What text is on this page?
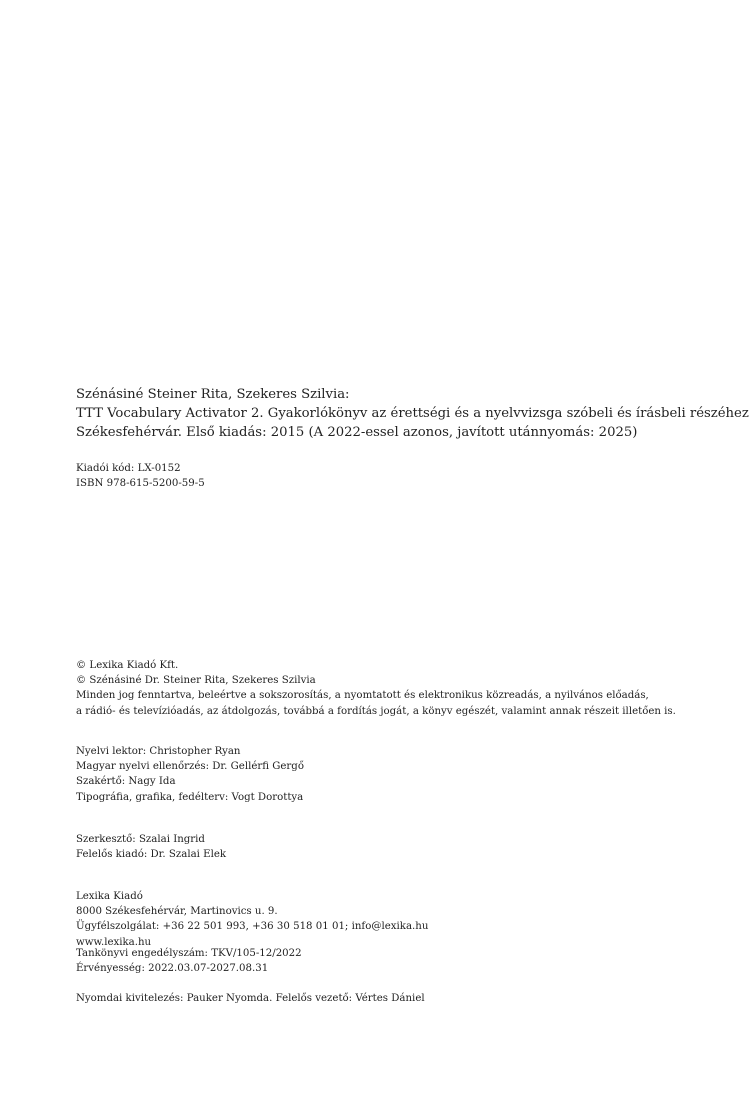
Szénásiné Steiner Rita, Szekeres Szilvia:
TTT Vocabulary Activator 2. Gyakorlókönyv az érettségi és a nyelvvizsga szóbeli és írásbeli részéhez
Székesfehérvár. Első kiadás: 2015 (A 2022-essel azonos, javított utánnyomás: 2025)
Kiadói kód: LX-0152
ISBN 978-615-5200-59-5
© Lexika Kiadó Kft.
© Szénásiné Dr. Steiner Rita, Szekeres Szilvia
Minden jog fenntartva, beleértve a sokszorosítás, a nyomtatott és elektronikus közreadás, a nyilvános előadás,
a rádió- és televízióadás, az átdolgozás, továbbá a fordítás jogát, a könyv egészét, valamint annak részeit illetően is.
Nyelvi lektor: Christopher Ryan
Magyar nyelvi ellenőrzés: Dr. Gellérfi Gergő
Szakértő: Nagy Ida
Tipográfia, grafika, fedélterv: Vogt Dorottya
Szerkesztő: Szalai Ingrid
Felelős kiadó: Dr. Szalai Elek
Lexika Kiadó
8000 Székesfehérvár, Martinovics u. 9.
Ügyfélszolgálat: +36 22 501 993, +36 30 518 01 01; info@lexika.hu
www.lexika.hu
Tankönyvi engedélyszám: TKV/105-12/2022
Érvényesség: 2022.03.07-2027.08.31
Nyomdai kivitelezés: Pauker Nyomda. Felelős vezető: Vértes Dániel
